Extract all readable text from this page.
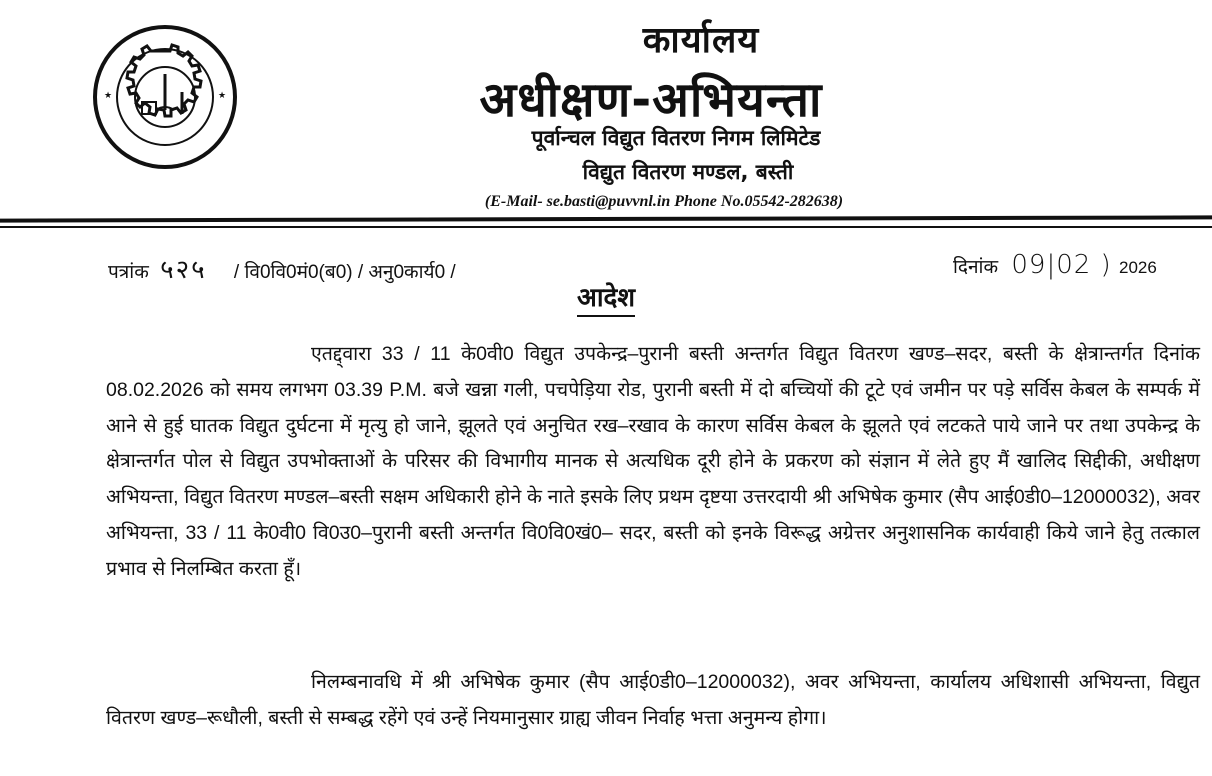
★	★
कार्यालय
अधीक्षण-अभियन्ता
पूर्वान्चल विद्युत वितरण निगम लिमिटेड
विद्युत वितरण मण्डल, बस्ती
(E-Mail- se.basti@puvvnl.in Phone No.05542-282638)
पत्रांक ५२५ / वि0वि0मं0(ब0) / अनु0कार्य0 /	दिनांक 09|02 ) 2026
आदेश
एतद्द्वारा 33 / 11 के0वी0 विद्युत उपकेन्द्र–पुरानी बस्ती अन्तर्गत विद्युत वितरण खण्ड–सदर, बस्ती के क्षेत्रान्तर्गत दिनांक 08.02.2026 को समय लगभग 03.39 P.M. बजे खन्ना गली, पचपेड़िया रोड, पुरानी बस्ती में दो बच्चियों की टूटे एवं जमीन पर पड़े सर्विस केबल के सम्पर्क में आने से हुई घातक विद्युत दुर्घटना में मृत्यु हो जाने, झूलते एवं अनुचित रख–रखाव के कारण सर्विस केबल के झूलते एवं लटकते पाये जाने पर तथा उपकेन्द्र के क्षेत्रान्तर्गत पोल से विद्युत उपभोक्ताओं के परिसर की विभागीय मानक से अत्यधिक दूरी होने के प्रकरण को संज्ञान में लेते हुए मैं खालिद सिद्दीकी, अधीक्षण अभियन्ता, विद्युत वितरण मण्डल–बस्ती सक्षम अधिकारी होने के नाते इसके लिए प्रथम दृष्टया उत्तरदायी श्री अभिषेक कुमार (सैप आई0डी0–12000032), अवर अभियन्ता, 33 / 11 के0वी0 वि0उ0–पुरानी बस्ती अन्तर्गत वि0वि0खं0– सदर, बस्ती को इनके विरूद्ध अग्रेत्तर अनुशासनिक कार्यवाही किये जाने हेतु तत्काल प्रभाव से निलम्बित करता हूँ।
निलम्बनावधि में श्री अभिषेक कुमार (सैप आई0डी0–12000032), अवर अभियन्ता, कार्यालय अधिशासी अभियन्ता, विद्युत वितरण खण्ड–रूधौली, बस्ती से सम्बद्ध रहेंगे एवं उन्हें नियमानुसार ग्राह्य जीवन निर्वाह भत्ता अनुमन्य होगा।
